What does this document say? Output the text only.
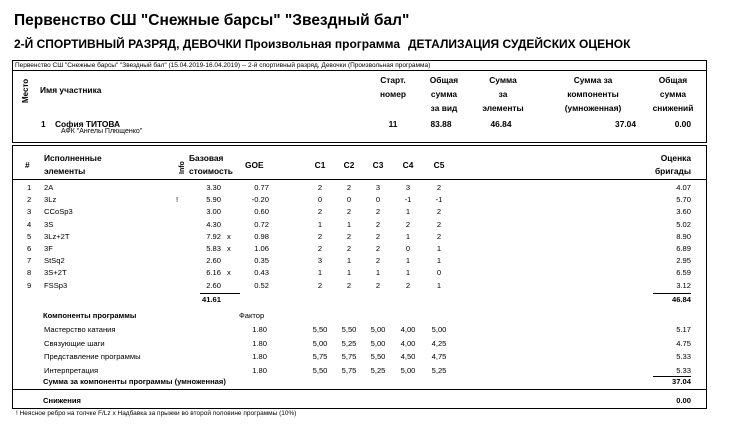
Первенство СШ "Снежные барсы" "Звездный бал"
2-Й СПОРТИВНЫЙ РАЗРЯД, ДЕВОЧКИ Произвольная программа ДЕТАЛИЗАЦИЯ СУДЕЙСКИХ ОЦЕНОК
Первенство СШ "Снежные барсы" "Звездный бал" (15.04.2019-16.04.2019) -- 2-й спортивный разряд, Девочки (Произвольная программа)
Место Имя участника
Старт.
номер
Общая
сумма
за вид
Сумма
за
элементы
Сумма за
компоненты
(умноженная)
Общая
сумма
снижений
1 София ТИТОВА
АФК "Ангелы Плющенко"
11	83.88	46.84	37.04	0.00
#
Исполненные
элементы	Info
Базовая
стоимость
GOE	С1	С2	С3	С4	С5
Оценка
бригады
1 2A	3.30	0.77	2	2	3	3	2	4.07
2 3Lz	!	5.90	-0.20	0	0	0	-1	-1	5.70
3 CCoSp3	3.00	0.60	2	2	2	1	2	3.60
4 3S	4.30	0.72	1	1	2	2	2	5.02
5 3Lz+2T	7.92 x	0.98	2	2	2	1	2	8.90
6 3F	5.83 x	1.06	2	2	2	0	1	6.89
7 StSq2	2.60	0.35	3	1	2	1	1	2.95
8 3S+2T	6.16 x	0.43	1	1	1	1	0	6.59
9 FSSp3	2.60	0.52	2	2	2	2	1	3.12
41.61	46.84
Компоненты программы	Фактор
Мастерство катания	1.80	5,50	5,50	5,00	4,00	5,00	5.17
Связующие шаги	1.80	5,00	5,25	5,00	4,00	4,25	4.75
Представление программы	1.80	5,75	5,75	5,50	4,50	4,75	5.33
Интерпретация	1.80	5,50	5,75	5,25	5,00	5,25	5.33
Сумма за компоненты программы (умноженная)	37.04
Снижения	0.00
! Неясное ребро на толчке F/Lz x Надбавка за прыжки во второй половине программы (10%)
